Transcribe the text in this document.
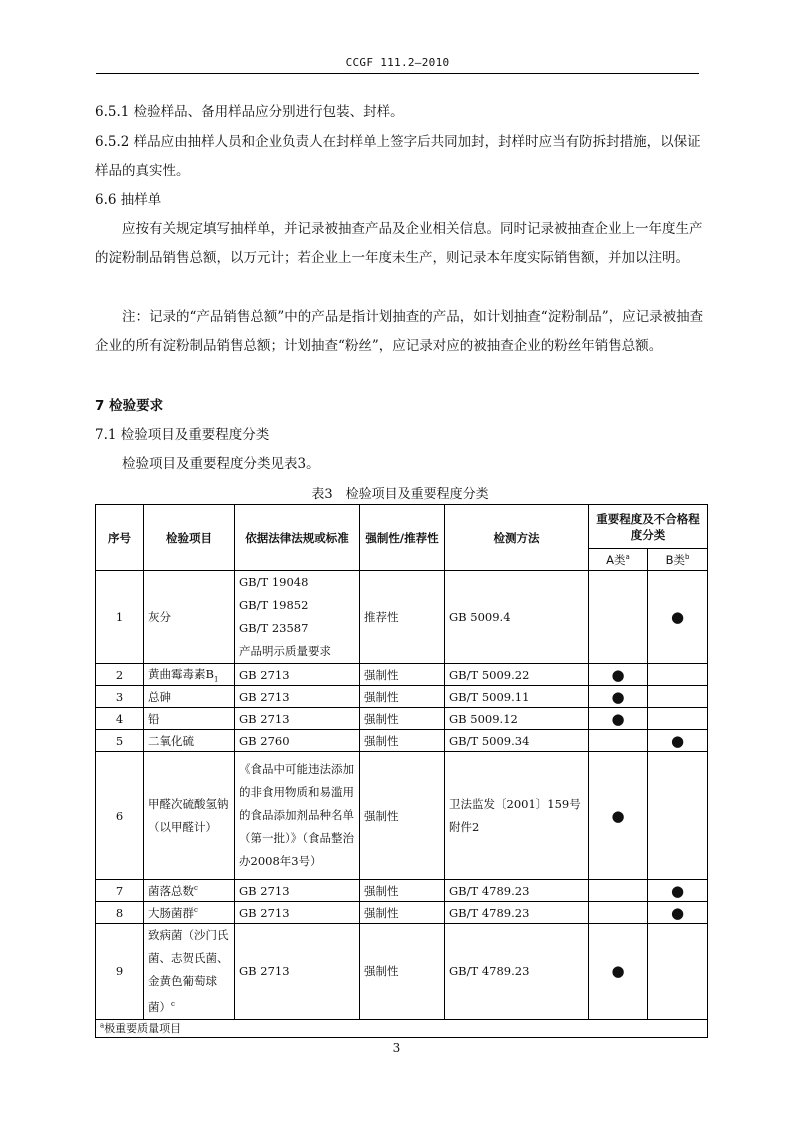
CCGF 111.2—2010

6.5.1 检验样品、备用样品应分别进行包装、封样。

6.5.2 样品应由抽样人员和企业负责人在封样单上签字后共同加封，封样时应当有防拆封措施，以保证样品的真实性。

6.6 抽样单

应按有关规定填写抽样单，并记录被抽查产品及企业相关信息。同时记录被抽查企业上一年度生产的淀粉制品销售总额，以万元计；若企业上一年度未生产，则记录本年度实际销售额，并加以注明。

注：记录的“产品销售总额”中的产品是指计划抽查的产品，如计划抽查“淀粉制品”，应记录被抽查企业的所有淀粉制品销售总额；计划抽查“粉丝”，应记录对应的被抽查企业的粉丝年销售总额。

7 检验要求

7.1 检验项目及重要程度分类

检验项目及重要程度分类见表3。

表3　检验项目及重要程度分类
序号	检验项目	依据法律法规或标准	强制性/推荐性	检测方法	重要程度及不合格程度分类	
					A类$^a$	B类$^b$
1	灰分	GB/T 19048
GB/T 19852
GB/T 23587
产品明示质量要求	推荐性	GB 5009.4		●
2	黄曲霉毒素$B_1$	GB 2713	强制性	GB/T 5009.22	●	
3	总砷	GB 2713	强制性	GB/T 5009.11	●	
4	铅	GB 2713	强制性	GB 5009.12	●	
5	二氧化硫	GB 2760	强制性	GB/T 5009.34		●
6	甲醛次硫酸氢钠（以甲醛计）	《食品中可能违法添加的非食用物质和易滥用的食品添加剂品种名单（第一批）》（食品整治办2008年3号）	强制性	卫法监发〔2001〕159号附件2	●	
7	菌落总数$^c$	GB 2713	强制性	GB/T 4789.23		●
8	大肠菌群$^c$	GB 2713	强制性	GB/T 4789.23		●
9	致病菌（沙门氏菌、志贺氏菌、金黄色葡萄球菌）$^c$	GB 2713	强制性	GB/T 4789.23	●	
$^a$极重要质量项目						
3
